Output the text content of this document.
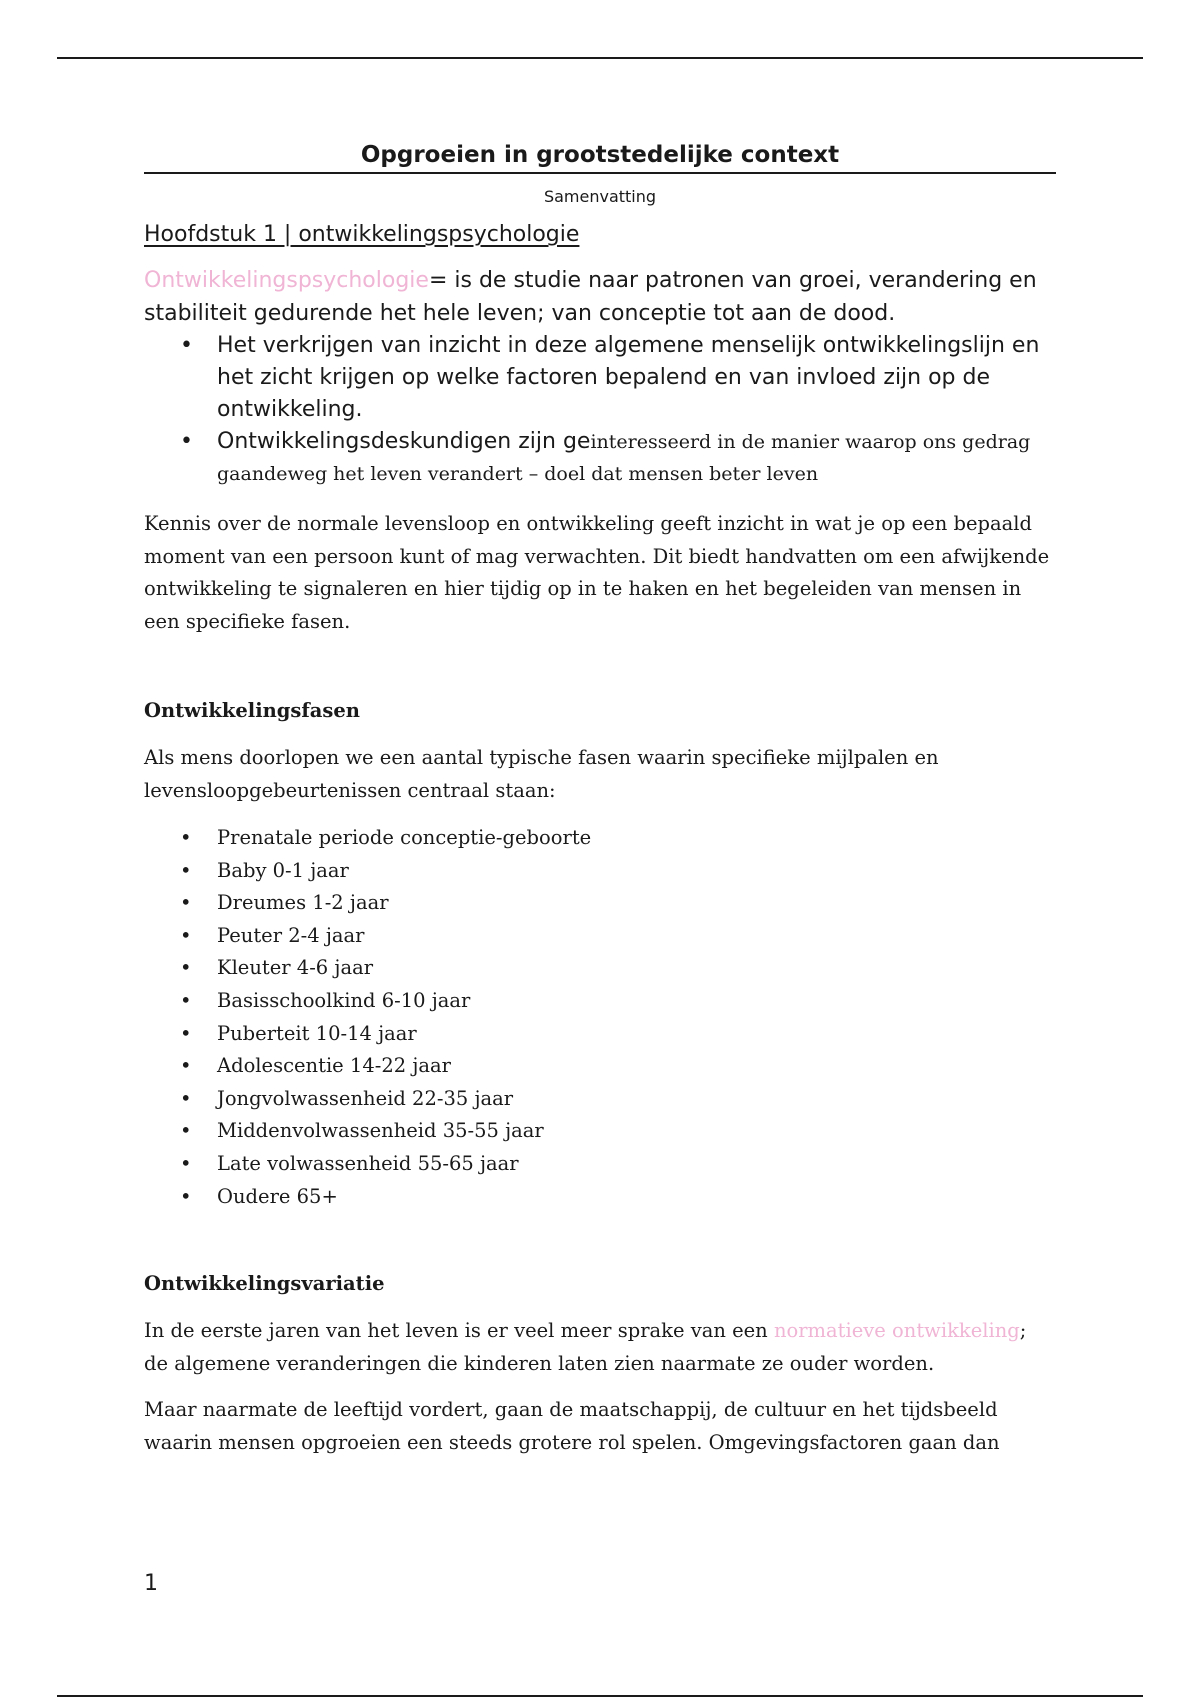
Opgroeien in grootstedelijke context

Samenvatting

Hoofdstuk 1 | ontwikkelingspsychologie

Ontwikkelingspsychologie= is de studie naar patronen van groei, verandering en stabiliteit gedurende het hele leven; van conceptie tot aan de dood.

• Het verkrijgen van inzicht in deze algemene menselijk ontwikkelingslijn en het zicht krijgen op welke factoren bepalend en van invloed zijn op de ontwikkeling.
• Ontwikkelingsdeskundigen zijn geinteresseerd in de manier waarop ons gedrag gaandeweg het leven verandert – doel dat mensen beter leven

Kennis over de normale levensloop en ontwikkeling geeft inzicht in wat je op een bepaald moment van een persoon kunt of mag verwachten. Dit biedt handvatten om een afwijkende ontwikkeling te signaleren en hier tijdig op in te haken en het begeleiden van mensen in een specifieke fasen.

Ontwikkelingsfasen

Als mens doorlopen we een aantal typische fasen waarin specifieke mijlpalen en levensloopgebeurtenissen centraal staan:

• Prenatale periode conceptie-geboorte
• Baby 0-1 jaar
• Dreumes 1-2 jaar
• Peuter 2-4 jaar
• Kleuter 4-6 jaar
• Basisschoolkind 6-10 jaar
• Puberteit 10-14 jaar
• Adolescentie 14-22 jaar
• Jongvolwassenheid 22-35 jaar
• Middenvolwassenheid 35-55 jaar
• Late volwassenheid 55-65 jaar
• Oudere 65+
Ontwikkelingsvariatie

In de eerste jaren van het leven is er veel meer sprake van een normatieve ontwikkeling; de algemene veranderingen die kinderen laten zien naarmate ze ouder worden.

Maar naarmate de leeftijd vordert, gaan de maatschappij, de cultuur en het tijdsbeeld waarin mensen opgroeien een steeds grotere rol spelen. Omgevingsfactoren gaan dan

1
